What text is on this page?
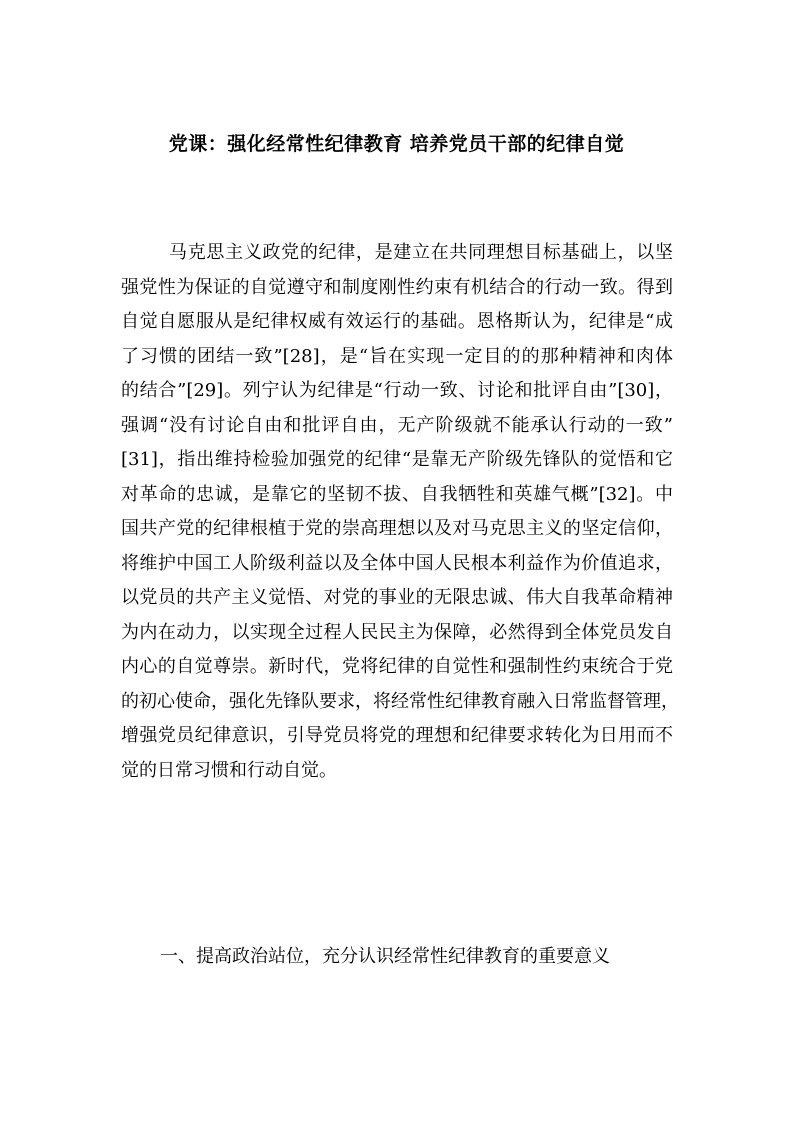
党课：强化经常性纪律教育 培养党员干部的纪律自觉
马克思主义政党的纪律，是建立在共同理想目标基础上，以坚
强党性为保证的自觉遵守和制度刚性约束有机结合的行动一致。得到
自觉自愿服从是纪律权威有效运行的基础。恩格斯认为，纪律是“成
了习惯的团结一致”[28]，是“旨在实现一定目的的那种精神和肉体
的结合”[29]。列宁认为纪律是“行动一致、讨论和批评自由”[30]，
强调“没有讨论自由和批评自由，无产阶级就不能承认行动的一致”
[31]，指出维持检验加强党的纪律“是靠无产阶级先锋队的觉悟和它
对革命的忠诚，是靠它的坚韧不拔、自我牺牲和英雄气概”[32]。中
国共产党的纪律根植于党的崇高理想以及对马克思主义的坚定信仰，
将维护中国工人阶级利益以及全体中国人民根本利益作为价值追求，
以党员的共产主义觉悟、对党的事业的无限忠诚、伟大自我革命精神
为内在动力，以实现全过程人民民主为保障，必然得到全体党员发自
内心的自觉尊崇。新时代，党将纪律的自觉性和强制性约束统合于党
的初心使命，强化先锋队要求，将经常性纪律教育融入日常监督管理，
增强党员纪律意识，引导党员将党的理想和纪律要求转化为日用而不
觉的日常习惯和行动自觉。
一、提高政治站位，充分认识经常性纪律教育的重要意义
